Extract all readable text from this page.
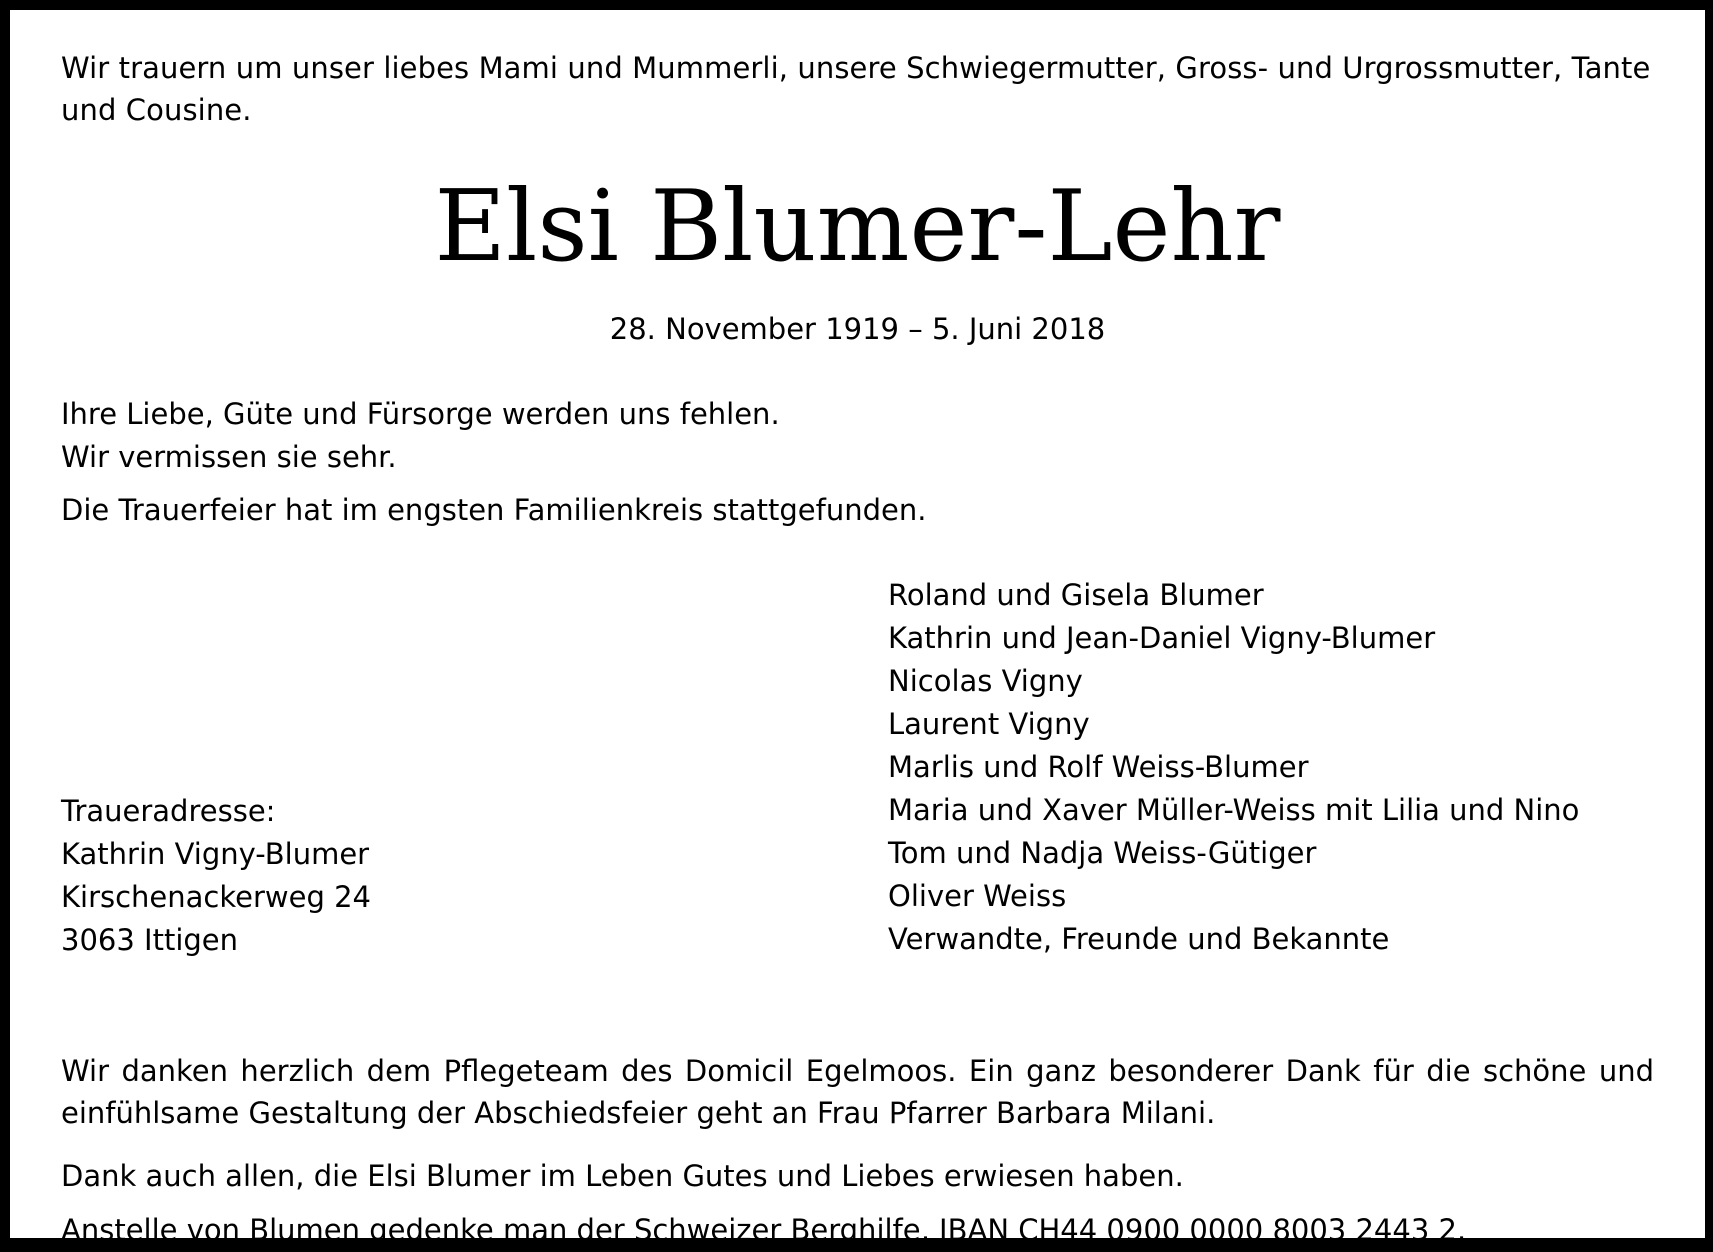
Wir trauern um unser liebes Mami und Mummerli, unsere Schwiegermutter, Gross- und Urgrossmutter, Tante und Cousine.

Elsi Blumer-Lehr
28. November 1919 – 5. Juni 2018

Ihre Liebe, Güte und Fürsorge werden uns fehlen.

Wir vermissen sie sehr.

Die Trauerfeier hat im engsten Familienkreis stattgefunden.
Roland und Gisela Blumer
Kathrin und Jean-Daniel Vigny-Blumer
Nicolas Vigny
Laurent Vigny
Marlis und Rolf Weiss-Blumer
Maria und Xaver Müller-Weiss mit Lilia und Nino
Tom und Nadja Weiss-Gütiger
Oliver Weiss
Verwandte, Freunde und Bekannte
Traueradresse:
Kathrin Vigny-Blumer
Kirschenackerweg 24
3063 Ittigen

Wir danken herzlich dem Pflegeteam des Domicil Egelmoos. Ein ganz besonderer Dank für die schöne und einfühlsame Gestaltung der Abschiedsfeier geht an Frau Pfarrer Barbara Milani.

Dank auch allen, die Elsi Blumer im Leben Gutes und Liebes erwiesen haben.
Anstelle von Blumen gedenke man der Schweizer Berghilfe, IBAN CH44 0900 0000 8003 2443 2.
